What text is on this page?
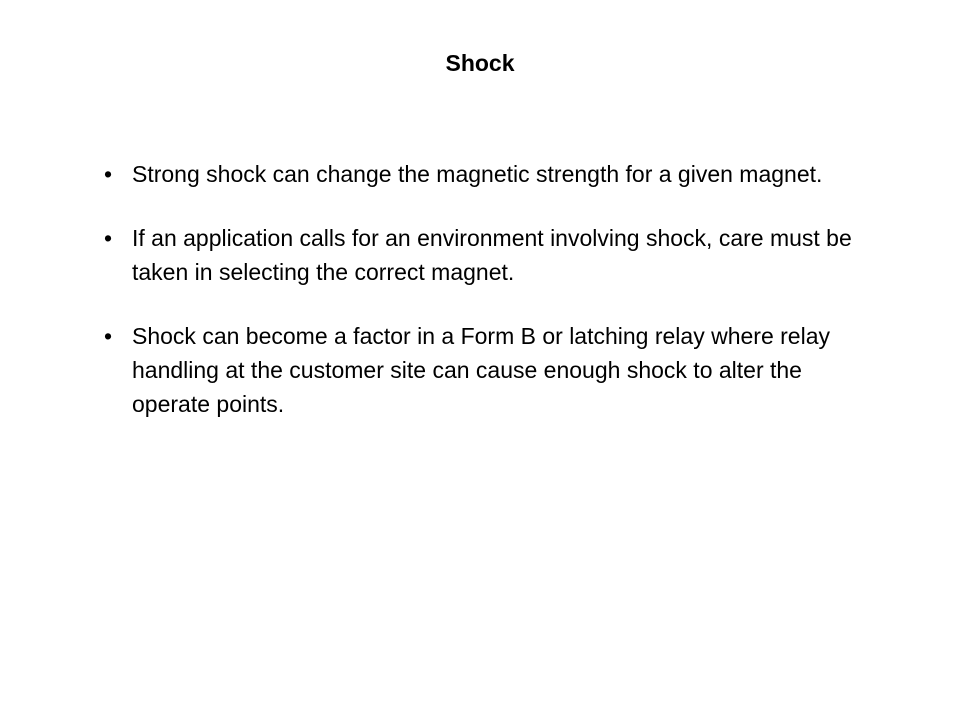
Shock
• Strong shock can change the magnetic strength for a given magnet.
• If an application calls for an environment involving shock, care must be taken in selecting the correct magnet.
• Shock can become a factor in a Form B or latching relay where relay handling at the customer site can cause enough shock to alter the operate points.
